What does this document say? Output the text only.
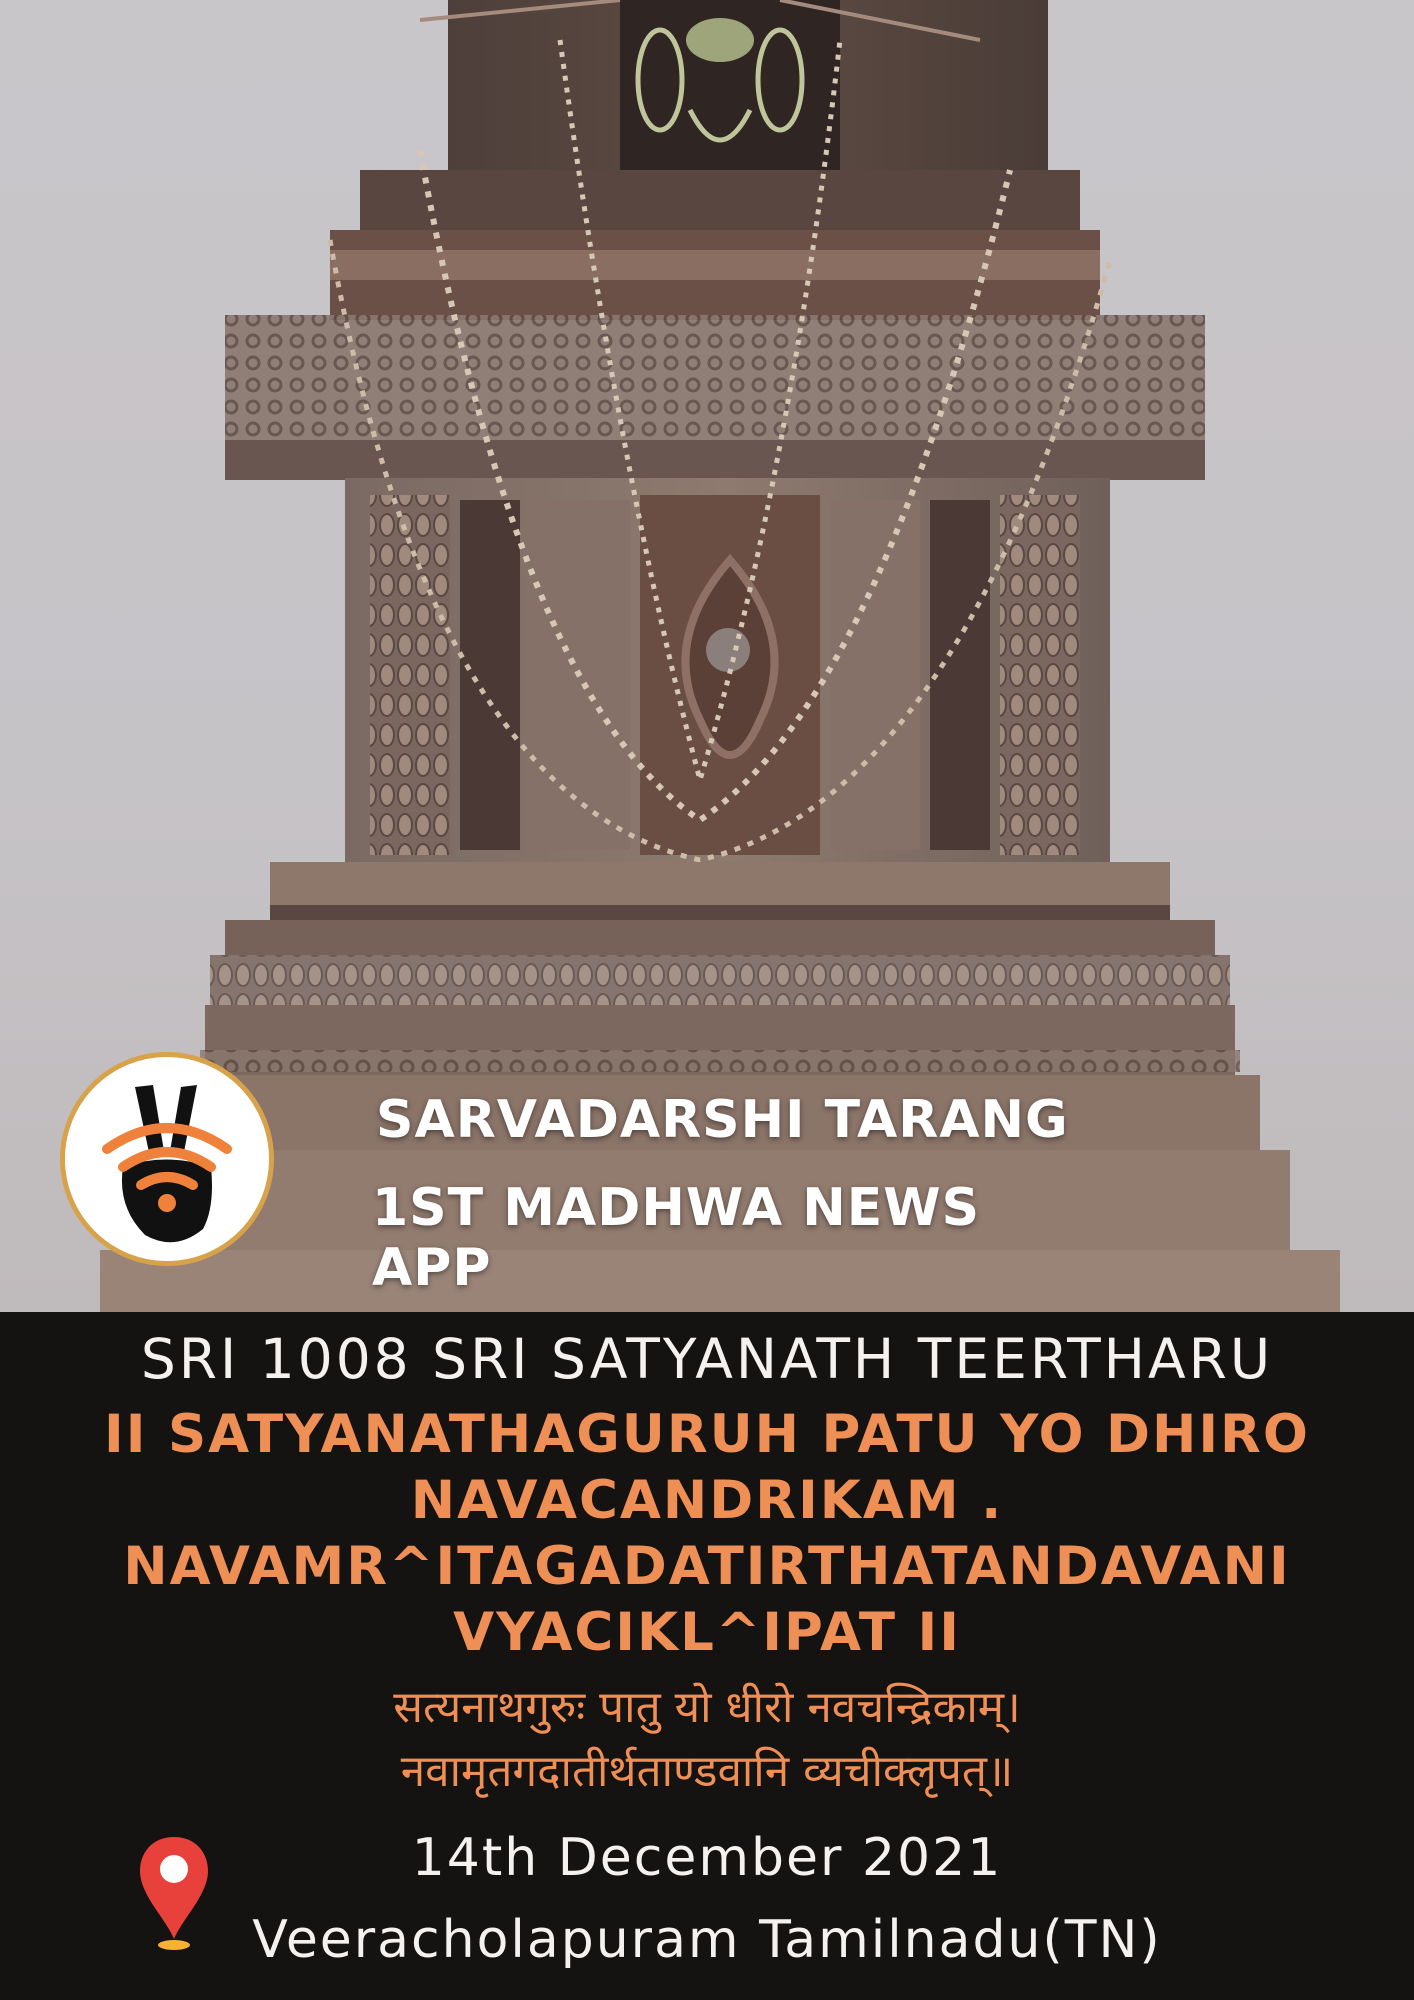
SARVADARSHI TARANG
1ST MADHWA NEWS APP
SRI 1008 SRI SATYANATH TEERTHARU
II SATYANATHAGURUH PATU YO DHIRO
NAVACANDRIKAM .
NAVAMR^ITAGADATIRTHATANDAVANI
VYACIKL^IPAT II
सत्यनाथगुरुः पातु यो धीरो नवचन्द्रिकाम्।
नवामृतगदातीर्थताण्डवानि व्यचीक्लृपत्॥
14th December 2021
Veeracholapuram Tamilnadu(TN)
